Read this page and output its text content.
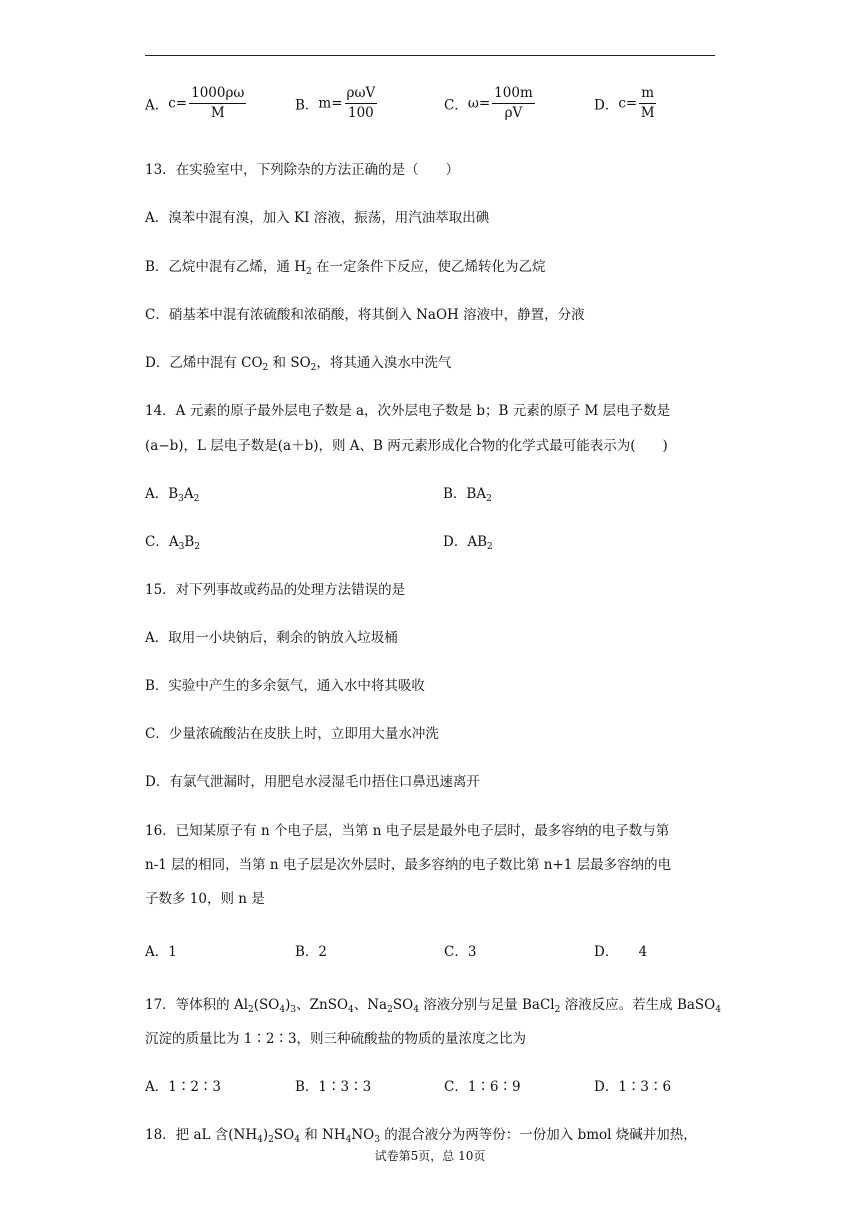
A．$c= \frac{1000\rho\omega}{M}$	B．$m= \frac{\text{ρωV}}{100}$	C．$\omega= \frac{100m}{\rho V}$	D．$c= \frac{m}{M}$
13．在实验室中，下列除杂的方法正确的是（　　）
A．溴苯中混有溴，加入 KI 溶液，振荡，用汽油萃取出碘
B．乙烷中混有乙烯，通 $H_2$ 在一定条件下反应，使乙烯转化为乙烷
C．硝基苯中混有浓硫酸和浓硝酸，将其倒入 NaOH 溶液中，静置，分液
D．乙烯中混有 $CO_2$ 和 $SO_2$，将其通入溴水中洗气
14．A 元素的原子最外层电子数是 a，次外层电子数是 b；B 元素的原子 M 层电子数是
(a−b)，L 层电子数是(a＋b)，则 A、B 两元素形成化合物的化学式最可能表示为(　　)
A．$B_3A_2$	B．$BA_2$
C．$A_3B_2$	D．$AB_2$
15．对下列事故或药品的处理方法错误的是
A．取用一小块钠后，剩余的钠放入垃圾桶
B．实验中产生的多余氨气，通入水中将其吸收
C．少量浓硫酸沾在皮肤上时，立即用大量水冲洗
D．有氯气泄漏时，用肥皂水浸湿毛巾捂住口鼻迅速离开
16．已知某原子有 n 个电子层，当第 n 电子层是最外电子层时，最多容纳的电子数与第
n-1 层的相同，当第 n 电子层是次外层时，最多容纳的电子数比第 n+1 层最多容纳的电
子数多 10，则 n 是
A．1	B．2	C．3	D．　　4
17．等体积的 $Al_2(SO_4)_3$、ZnSO$_4$、$Na_2SO_4$ 溶液分别与足量 BaCl$_2$ 溶液反应。若生成 BaSO$_4$
沉淀的质量比为 1∶2∶3，则三种硫酸盐的物质的量浓度之比为
A．1∶2∶3	B．1∶3∶3	C．1∶6∶9	D．1∶3∶6
18．把 aL 含$(NH_4)_2SO_4$ 和 $NH_4NO_3$ 的混合液分为两等份：一份加入 bmol 烧碱并加热，
试卷第5页，总 10页
